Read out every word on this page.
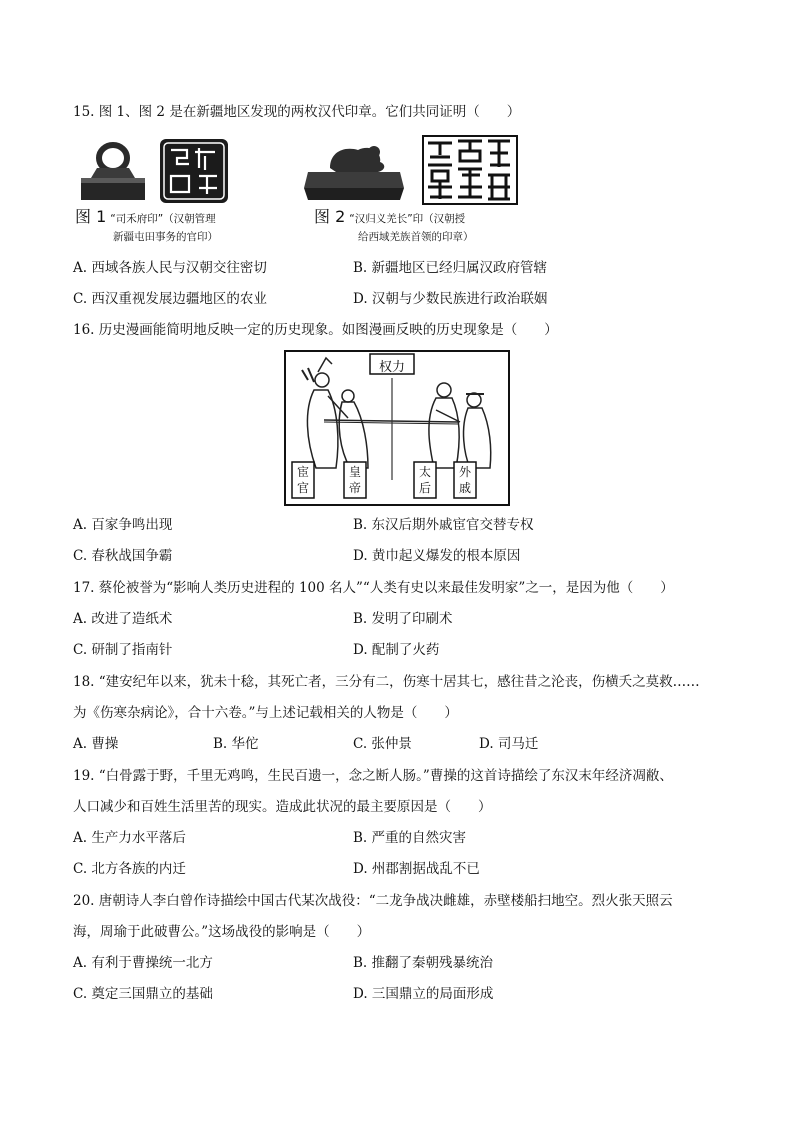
15. 图 1、图 2 是在新疆地区发现的两枚汉代印章。它们共同证明（　　）
图 1 “司禾府印”（汉朝管理
新疆屯田事务的官印）
图 2 “汉归义羌长”印（汉朝授
给西域羌族首领的印章）
A. 西域各族人民与汉朝交往密切	B. 新疆地区已经归属汉政府管辖
C. 西汉重视发展边疆地区的农业	D. 汉朝与少数民族进行政治联姻
16. 历史漫画能简明地反映一定的历史现象。如图漫画反映的历史现象是（　　）
权力
宦官
皇帝
太后
外戚
A. 百家争鸣出现	B. 东汉后期外戚宦官交替专权
C. 春秋战国争霸	D. 黄巾起义爆发的根本原因
17. 蔡伦被誉为“影响人类历史进程的 100 名人”“人类有史以来最佳发明家”之一，是因为他（　　）
A. 改进了造纸术	B. 发明了印刷术
C. 研制了指南针	D. 配制了火药
18. “建安纪年以来，犹未十稔，其死亡者，三分有二，伤寒十居其七，感往昔之沦丧，伤横夭之莫救……
为《伤寒杂病论》，合十六卷。”与上述记载相关的人物是（　　）
A. 曹操	B. 华佗	C. 张仲景	D. 司马迁
19. “白骨露于野，千里无鸡鸣，生民百遗一，念之断人肠。”曹操的这首诗描绘了东汉末年经济凋敝、
人口减少和百姓生活里苦的现实。造成此状况的最主要原因是（　　）
A. 生产力水平落后	B. 严重的自然灾害
C. 北方各族的内迁	D. 州郡割据战乱不已
20. 唐朝诗人李白曾作诗描绘中国古代某次战役：“二龙争战决雌雄，赤壁楼船扫地空。烈火张天照云
海，周瑜于此破曹公。”这场战役的影响是（　　）
A. 有利于曹操统一北方	B. 推翻了秦朝残暴统治
C. 奠定三国鼎立的基础	D. 三国鼎立的局面形成
